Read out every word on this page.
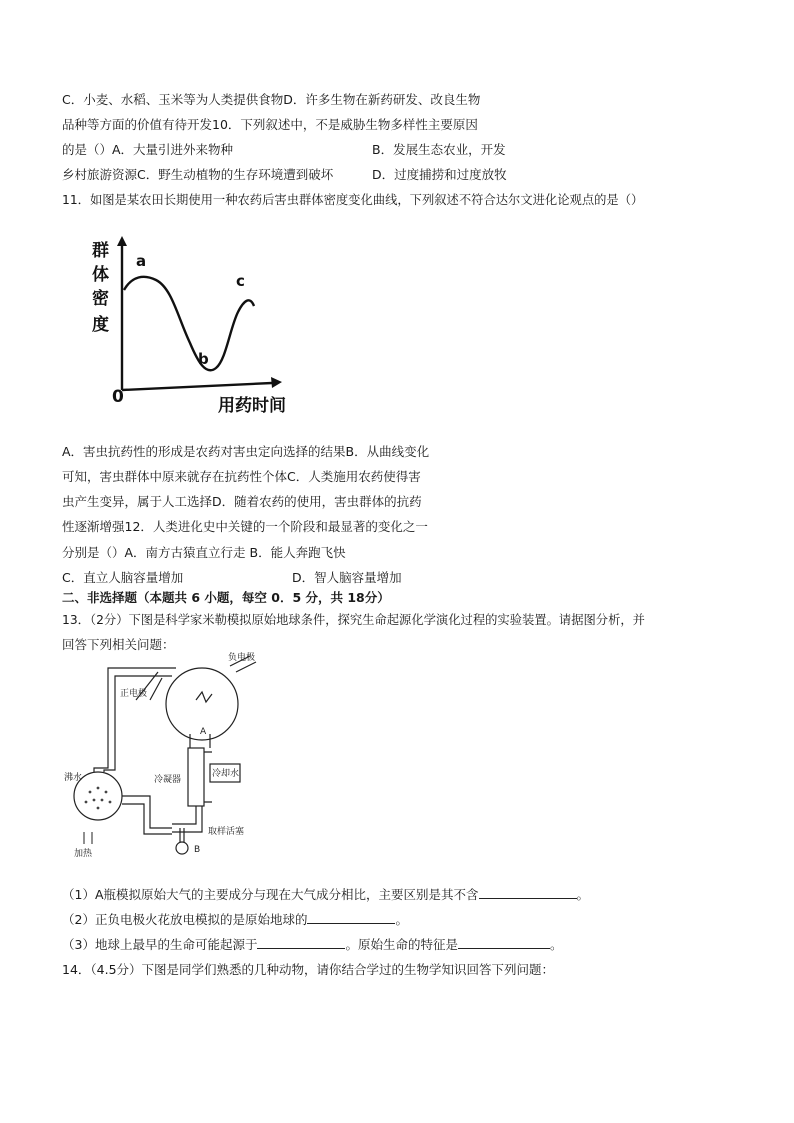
C．小麦、水稻、玉米等为人类提供食物D．许多生物在新药研发、改良生物
品种等方面的价值有待开发10．下列叙述中，不是威胁生物多样性主要原因
的是（）A．大量引进外来物种	B．发展生态农业，开发
乡村旅游资源C．野生动植物的生存环境遭到破坏	D．过度捕捞和过度放牧
11．如图是某农田长期使用一种农药后害虫群体密度变化曲线，下列叙述不符合达尔文进化论观点的是（）
群
体
密
度
用药时间
0
a
b
c
A．害虫抗药性的形成是农药对害虫定向选择的结果B．从曲线变化
可知，害虫群体中原来就存在抗药性个体C．人类施用农药使得害
虫产生变异，属于人工选择D．随着农药的使用，害虫群体的抗药
性逐渐增强12．人类进化史中关键的一个阶段和最显著的变化之一
分别是（）A．南方古猿直立行走 B．能人奔跑飞快
C．直立人脑容量增加	D．智人脑容量增加
二、非选择题（本题共 6 小题，每空 0．5 分，共 18分）
13．（2分）下图是科学家米勒模拟原始地球条件，探究生命起源化学演化过程的实验装置。请据图分析，并
回答下列相关问题：
负电极
正电极
A
冷凝器
冷却水
沸水
加热
取样活塞
B
（1）A瓶模拟原始大气的主要成分与现在大气成分相比，主要区别是其不含	。
（2）正负电极火花放电模拟的是原始地球的	。
（3）地球上最早的生命可能起源于	。原始生命的特征是	。
14．（4.5分）下图是同学们熟悉的几种动物，请你结合学过的生物学知识回答下列问题：
